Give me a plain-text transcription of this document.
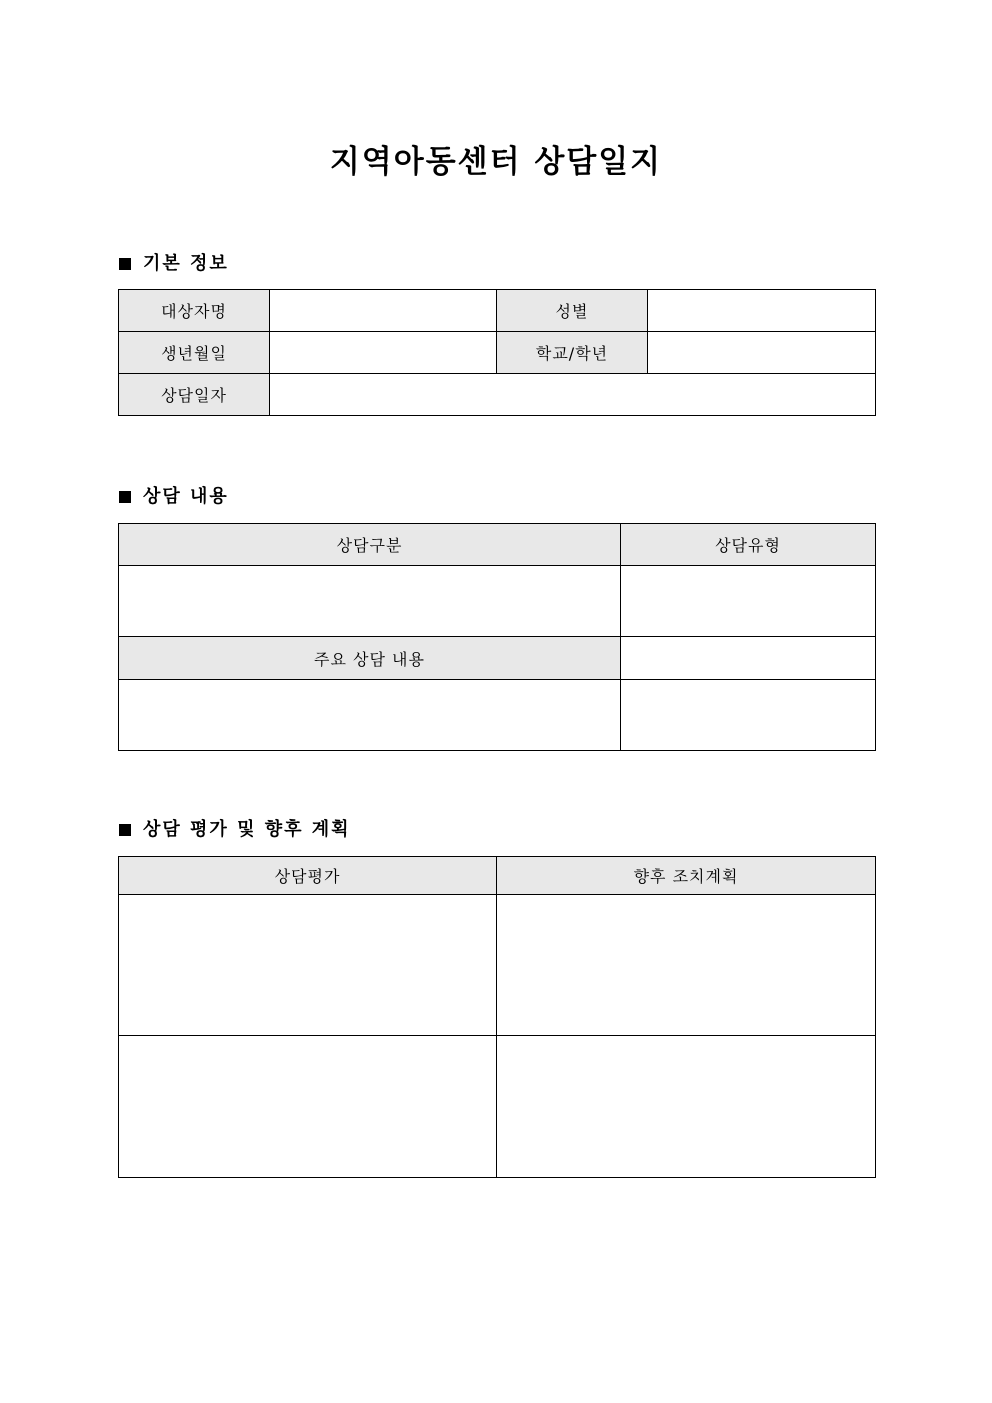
지역아동센터 상담일지
기본 정보
대상자명		성별	
생년월일		학교/학년	
상담일자			
상담 내용
상담구분	상담유형

주요 상담 내용	

상담 평가 및 향후 계획
상담평가	향후 조치계획
